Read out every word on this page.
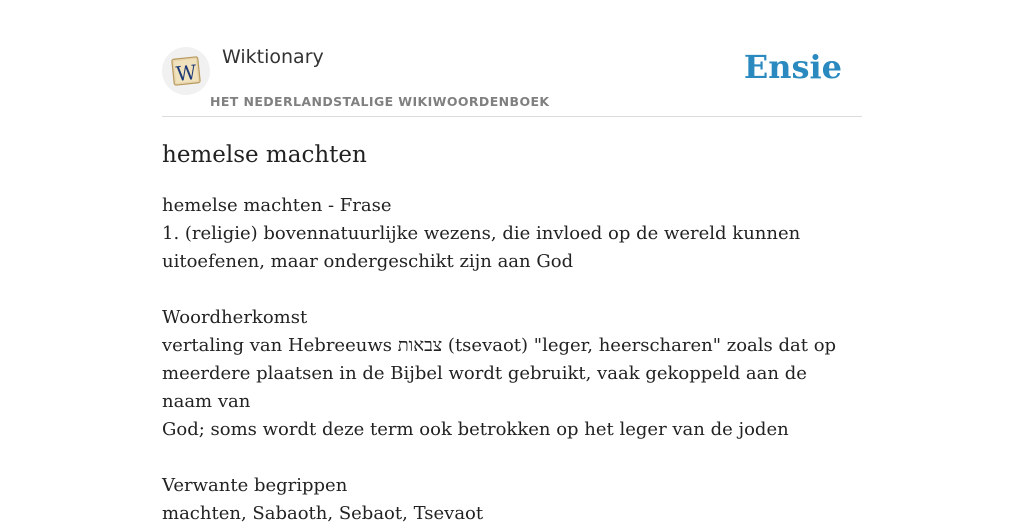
W
Wiktionary
HET NEDERLANDSTALIGE WIKIWOORDENBOEK
Ensie
hemelse machten
hemelse machten - Frase
1. (religie) bovennatuurlijke wezens, die invloed op de wereld kunnen
uitoefenen, maar ondergeschikt zijn aan God
Woordherkomst
vertaling van Hebreeuws צבאות (tsevaot) "leger, heerscharen" zoals dat op
meerdere plaatsen in de Bijbel wordt gebruikt, vaak gekoppeld aan de naam van
God; soms wordt deze term ook betrokken op het leger van de joden
Verwante begrippen
machten, Sabaoth, Sebaot, Tsevaot
